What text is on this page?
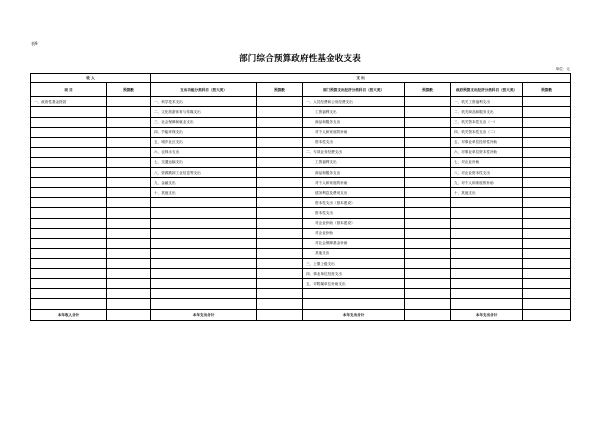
表9
部门综合预算政府性基金收支表
单位：元
收 入		支 出					
项 目	预算数	支出功能分类科目（按大类）	预算数	部门预算支出经济分类科目（按大类）	预算数	政府预算支出经济分类科目（按大类）	预算数
一、政府性基金拨款		一、科学技术支出		一、人员经费和公用经费支出		一、机关工资福利支出	
		二、文化旅游体育与传媒支出		工资福利支出		二、机关商品和服务支出	
		三、社会保障和就业支出		商品和服务支出		三、机关资本性支出（一）	
		四、节能环保支出		对个人和家庭的补助		四、机关资本性支出（二）	
		五、城乡社区支出		资本性支出		五、对事业单位经常性补助	
		六、农林水支出		二、专项业务经费支出		六、对事业单位资本性补助	
		七、交通运输支出		工资福利支出		七、对企业补助	
		八、资源勘探工业信息等支出		商品和服务支出		八、对企业资本性支出	
		九、金融支出		对个人和家庭的补助		九、对个人和家庭的补助	
		十、其他支出		债务利息及费用支出		十、其他支出	
				资本性支出（基本建设）			
				资本性支出			
				对企业补助（基本建设）			
				对企业补助			
				对社会保障基金补助			
				其他支出			
				三、上缴上级支出			
				四、事业单位经营支出			
				五、对附属单位补助支出			

本年收入合计		本年支出合计		本年支出合计		本年支出合计	
